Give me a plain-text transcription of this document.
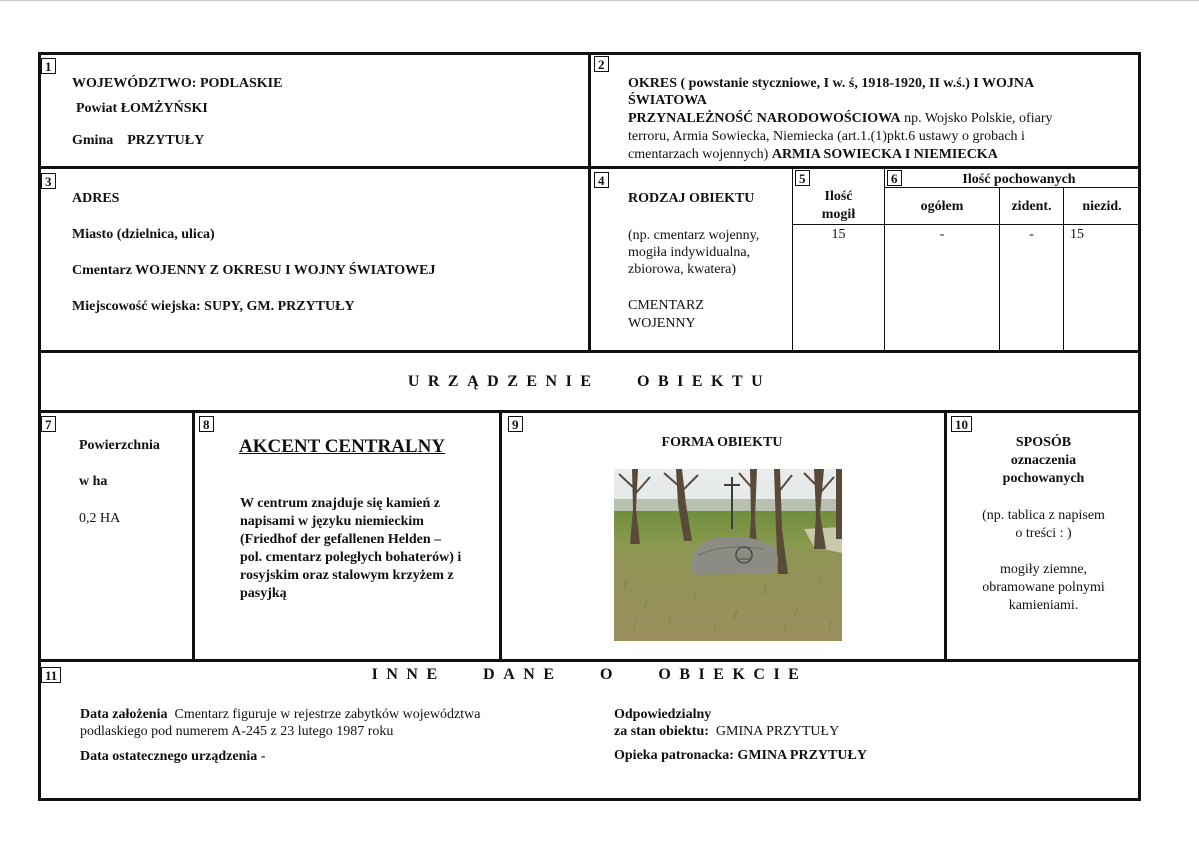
1
WOJEWÓDZTWO: PODLASKIE
Powiat ŁOMŻYŃSKI
Gmina    PRZYTUŁY
2
OKRES ( powstanie styczniowe, I w. ś, 1918-1920, II w.ś.) I WOJNA
ŚWIATOWA
PRZYNALEŻNOŚĆ NARODOWOŚCIOWA np. Wojsko Polskie, ofiary
terroru, Armia Sowiecka, Niemiecka (art.1.(1)pkt.6 ustawy o grobach i
cmentarzach wojennych) ARMIA SOWIECKA I NIEMIECKA
3
ADRES
Miasto (dzielnica, ulica)
Cmentarz WOJENNY Z OKRESU I WOJNY ŚWIATOWEJ
Miejscowość wiejska: SUPY, GM. PRZYTUŁY
4
RODZAJ OBIEKTU
(np. cmentarz wojenny,
mogiła indywidualna,
zbiorowa, kwatera)
CMENTARZ
WOJENNY
5
Ilość
mogił
15
6	Ilość pochowanych
ogółem	zident.	niezid.
-	-	15
URZĄDZENIE   OBIEKTU
7
Powierzchnia
w ha
0,2 HA
8
AKCENT CENTRALNY
W centrum znajduje się kamień z
napisami w języku niemieckim
(Friedhof der gefallenen Helden –
pol. cmentarz poległych bohaterów) i
rosyjskim oraz stalowym krzyżem z
pasyjką
9
FORMA OBIEKTU
10
SPOSÓB
oznaczenia
pochowanych
(np. tablica z napisem
o treści : )
mogiły ziemne,
obramowane polnymi
kamieniami.
11	INNE   DANE   O   OBIEKCIE
Data założenia  Cmentarz figuruje w rejestrze zabytków województwa
podlaskiego pod numerem A-245 z 23 lutego 1987 roku
Data ostatecznego urządzenia -
Odpowiedzialny
za stan obiektu:  GMINA PRZYTUŁY
Opieka patronacka: GMINA PRZYTUŁY
